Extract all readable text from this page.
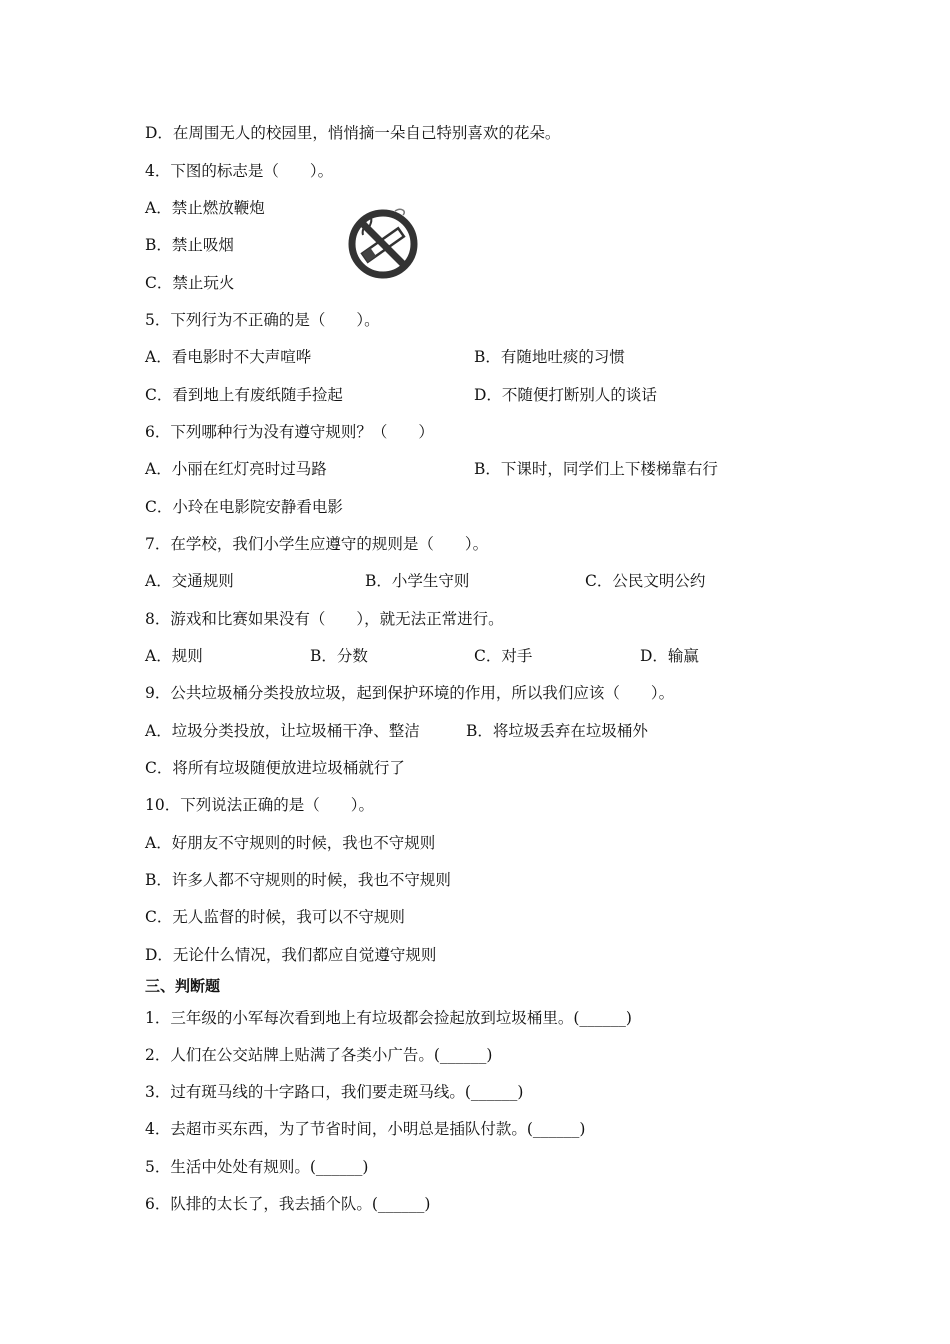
D．在周围无人的校园里，悄悄摘一朵自己特别喜欢的花朵。
4．下图的标志是（　　）。
A．禁止燃放鞭炮
B．禁止吸烟
C．禁止玩火
5．下列行为不正确的是（　　）。
A．看电影时不大声喧哗	B．有随地吐痰的习惯
C．看到地上有废纸随手捡起	D．不随便打断别人的谈话
6．下列哪种行为没有遵守规则？（　　）
A．小丽在红灯亮时过马路	B．下课时，同学们上下楼梯靠右行
C．小玲在电影院安静看电影
7．在学校，我们小学生应遵守的规则是（　　）。
A．交通规则	B．小学生守则	C．公民文明公约
8．游戏和比赛如果没有（　　），就无法正常进行。
A．规则	B．分数	C．对手	D．输赢
9．公共垃圾桶分类投放垃圾，起到保护环境的作用，所以我们应该（　　）。
A．垃圾分类投放，让垃圾桶干净、整洁	B．将垃圾丢弃在垃圾桶外
C．将所有垃圾随便放进垃圾桶就行了
10．下列说法正确的是（　　）。
A．好朋友不守规则的时候，我也不守规则
B．许多人都不守规则的时候，我也不守规则
C．无人监督的时候，我可以不守规则
D．无论什么情况，我们都应自觉遵守规则
三、判断题
1．三年级的小军每次看到地上有垃圾都会捡起放到垃圾桶里。(______)
2．人们在公交站牌上贴满了各类小广告。(______)
3．过有斑马线的十字路口，我们要走斑马线。(______)
4．去超市买东西，为了节省时间，小明总是插队付款。(______)
5．生活中处处有规则。(______)
6．队排的太长了，我去插个队。(______)
